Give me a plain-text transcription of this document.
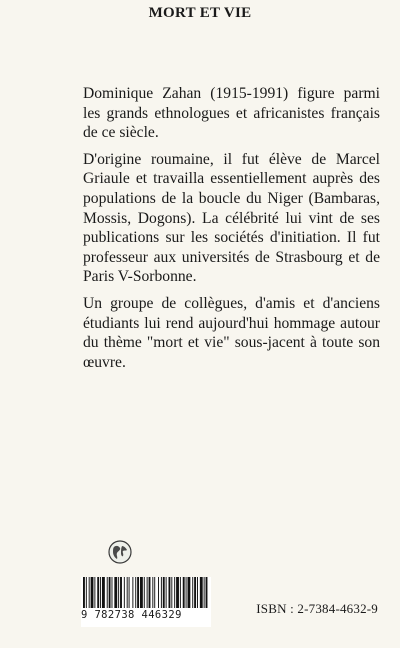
MORT ET VIE

Dominique Zahan (1915-1991) figure parmi
les grands ethnologues et africanistes français
de ce siècle.

D'origine roumaine, il fut élève de Marcel
Griaule et travailla essentiellement auprès des
populations de la boucle du Niger (Bambaras,
Mossis, Dogons). La célébrité lui vint de ses
publications sur les sociétés d'initiation. Il fut
professeur aux universités de Strasbourg et de
Paris V-Sorbonne.

Un groupe de collègues, d'amis et d'anciens
étudiants lui rend aujourd'hui hommage autour
du thème "mort et vie" sous-jacent à toute son
œuvre.

9 782738 446329	ISBN : 2-7384-4632-9
